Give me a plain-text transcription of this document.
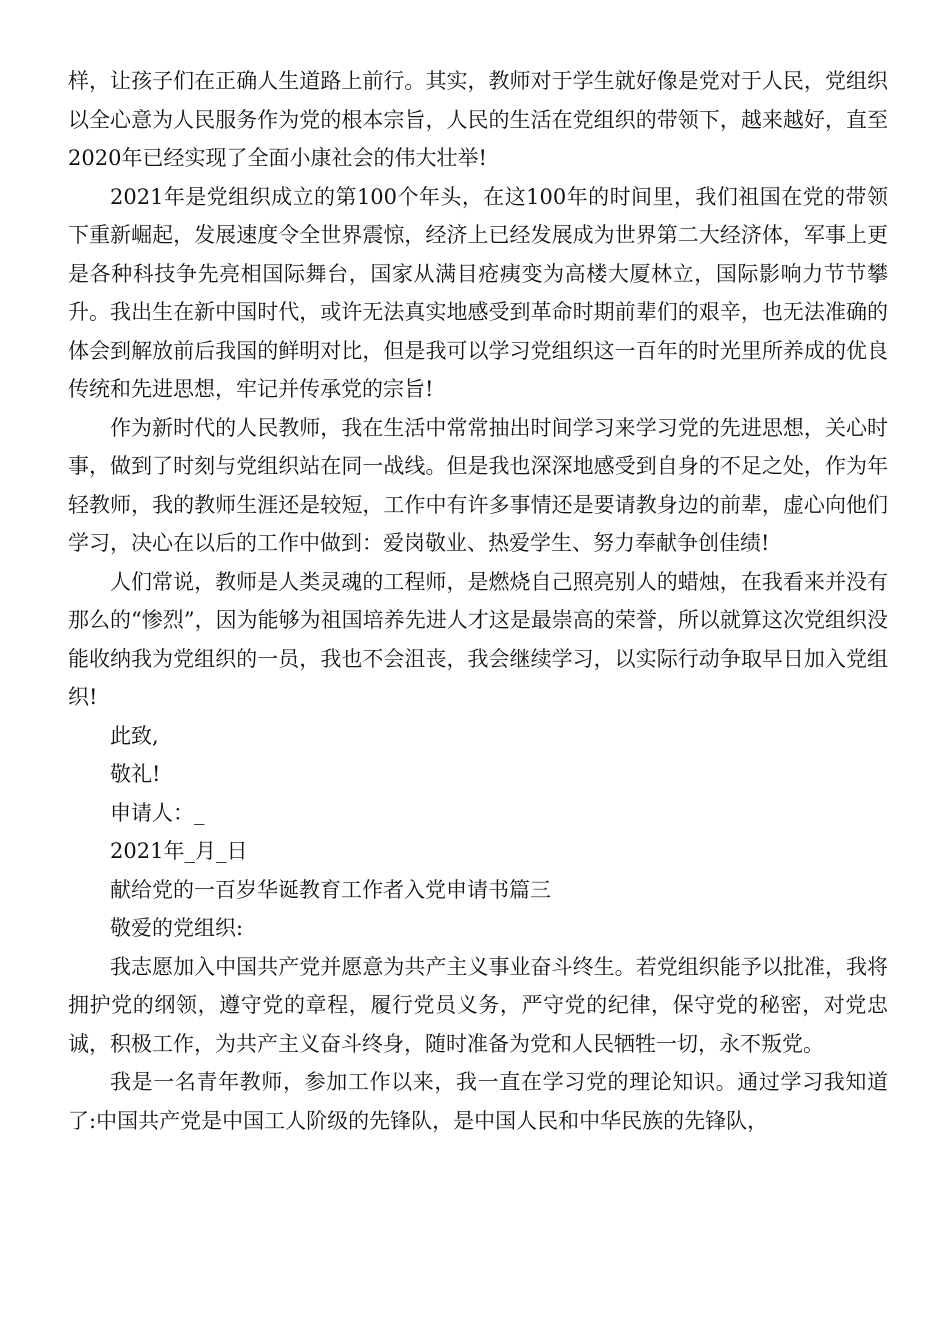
样，让孩子们在正确人生道路上前行。其实，教师对于学生就好像是党对于人民，党组织以全心意为人民服务作为党的根本宗旨，人民的生活在党组织的带领下，越来越好，直至2020年已经实现了全面小康社会的伟大壮举!

2021年是党组织成立的第100个年头，在这100年的时间里，我们祖国在党的带领下重新崛起，发展速度令全世界震惊，经济上已经发展成为世界第二大经济体，军事上更是各种科技争先亮相国际舞台，国家从满目疮痍变为高楼大厦林立，国际影响力节节攀升。我出生在新中国时代，或许无法真实地感受到革命时期前辈们的艰辛，也无法准确的体会到解放前后我国的鲜明对比，但是我可以学习党组织这一百年的时光里所养成的优良传统和先进思想，牢记并传承党的宗旨!

作为新时代的人民教师，我在生活中常常抽出时间学习来学习党的先进思想，关心时事，做到了时刻与党组织站在同一战线。但是我也深深地感受到自身的不足之处，作为年轻教师，我的教师生涯还是较短，工作中有许多事情还是要请教身边的前辈，虚心向他们学习，决心在以后的工作中做到：爱岗敬业、热爱学生、努力奉献争创佳绩!

人们常说，教师是人类灵魂的工程师，是燃烧自己照亮别人的蜡烛，在我看来并没有那么的“惨烈”，因为能够为祖国培养先进人才这是最崇高的荣誉，所以就算这次党组织没能收纳我为党组织的一员，我也不会沮丧，我会继续学习，以实际行动争取早日加入党组织!

此致,
敬礼!
申请人：_
2021年_月_日
献给党的一百岁华诞教育工作者入党申请书篇三
敬爱的党组织:

我志愿加入中国共产党并愿意为共产主义事业奋斗终生。若党组织能予以批准，我将拥护党的纲领，遵守党的章程，履行党员义务，严守党的纪律，保守党的秘密，对党忠诚，积极工作，为共产主义奋斗终身，随时准备为党和人民牺牲一切，永不叛党。

我是一名青年教师，参加工作以来，我一直在学习党的理论知识。通过学习我知道了:中国共产党是中国工人阶级的先锋队，是中国人民和中华民族的先锋队，
